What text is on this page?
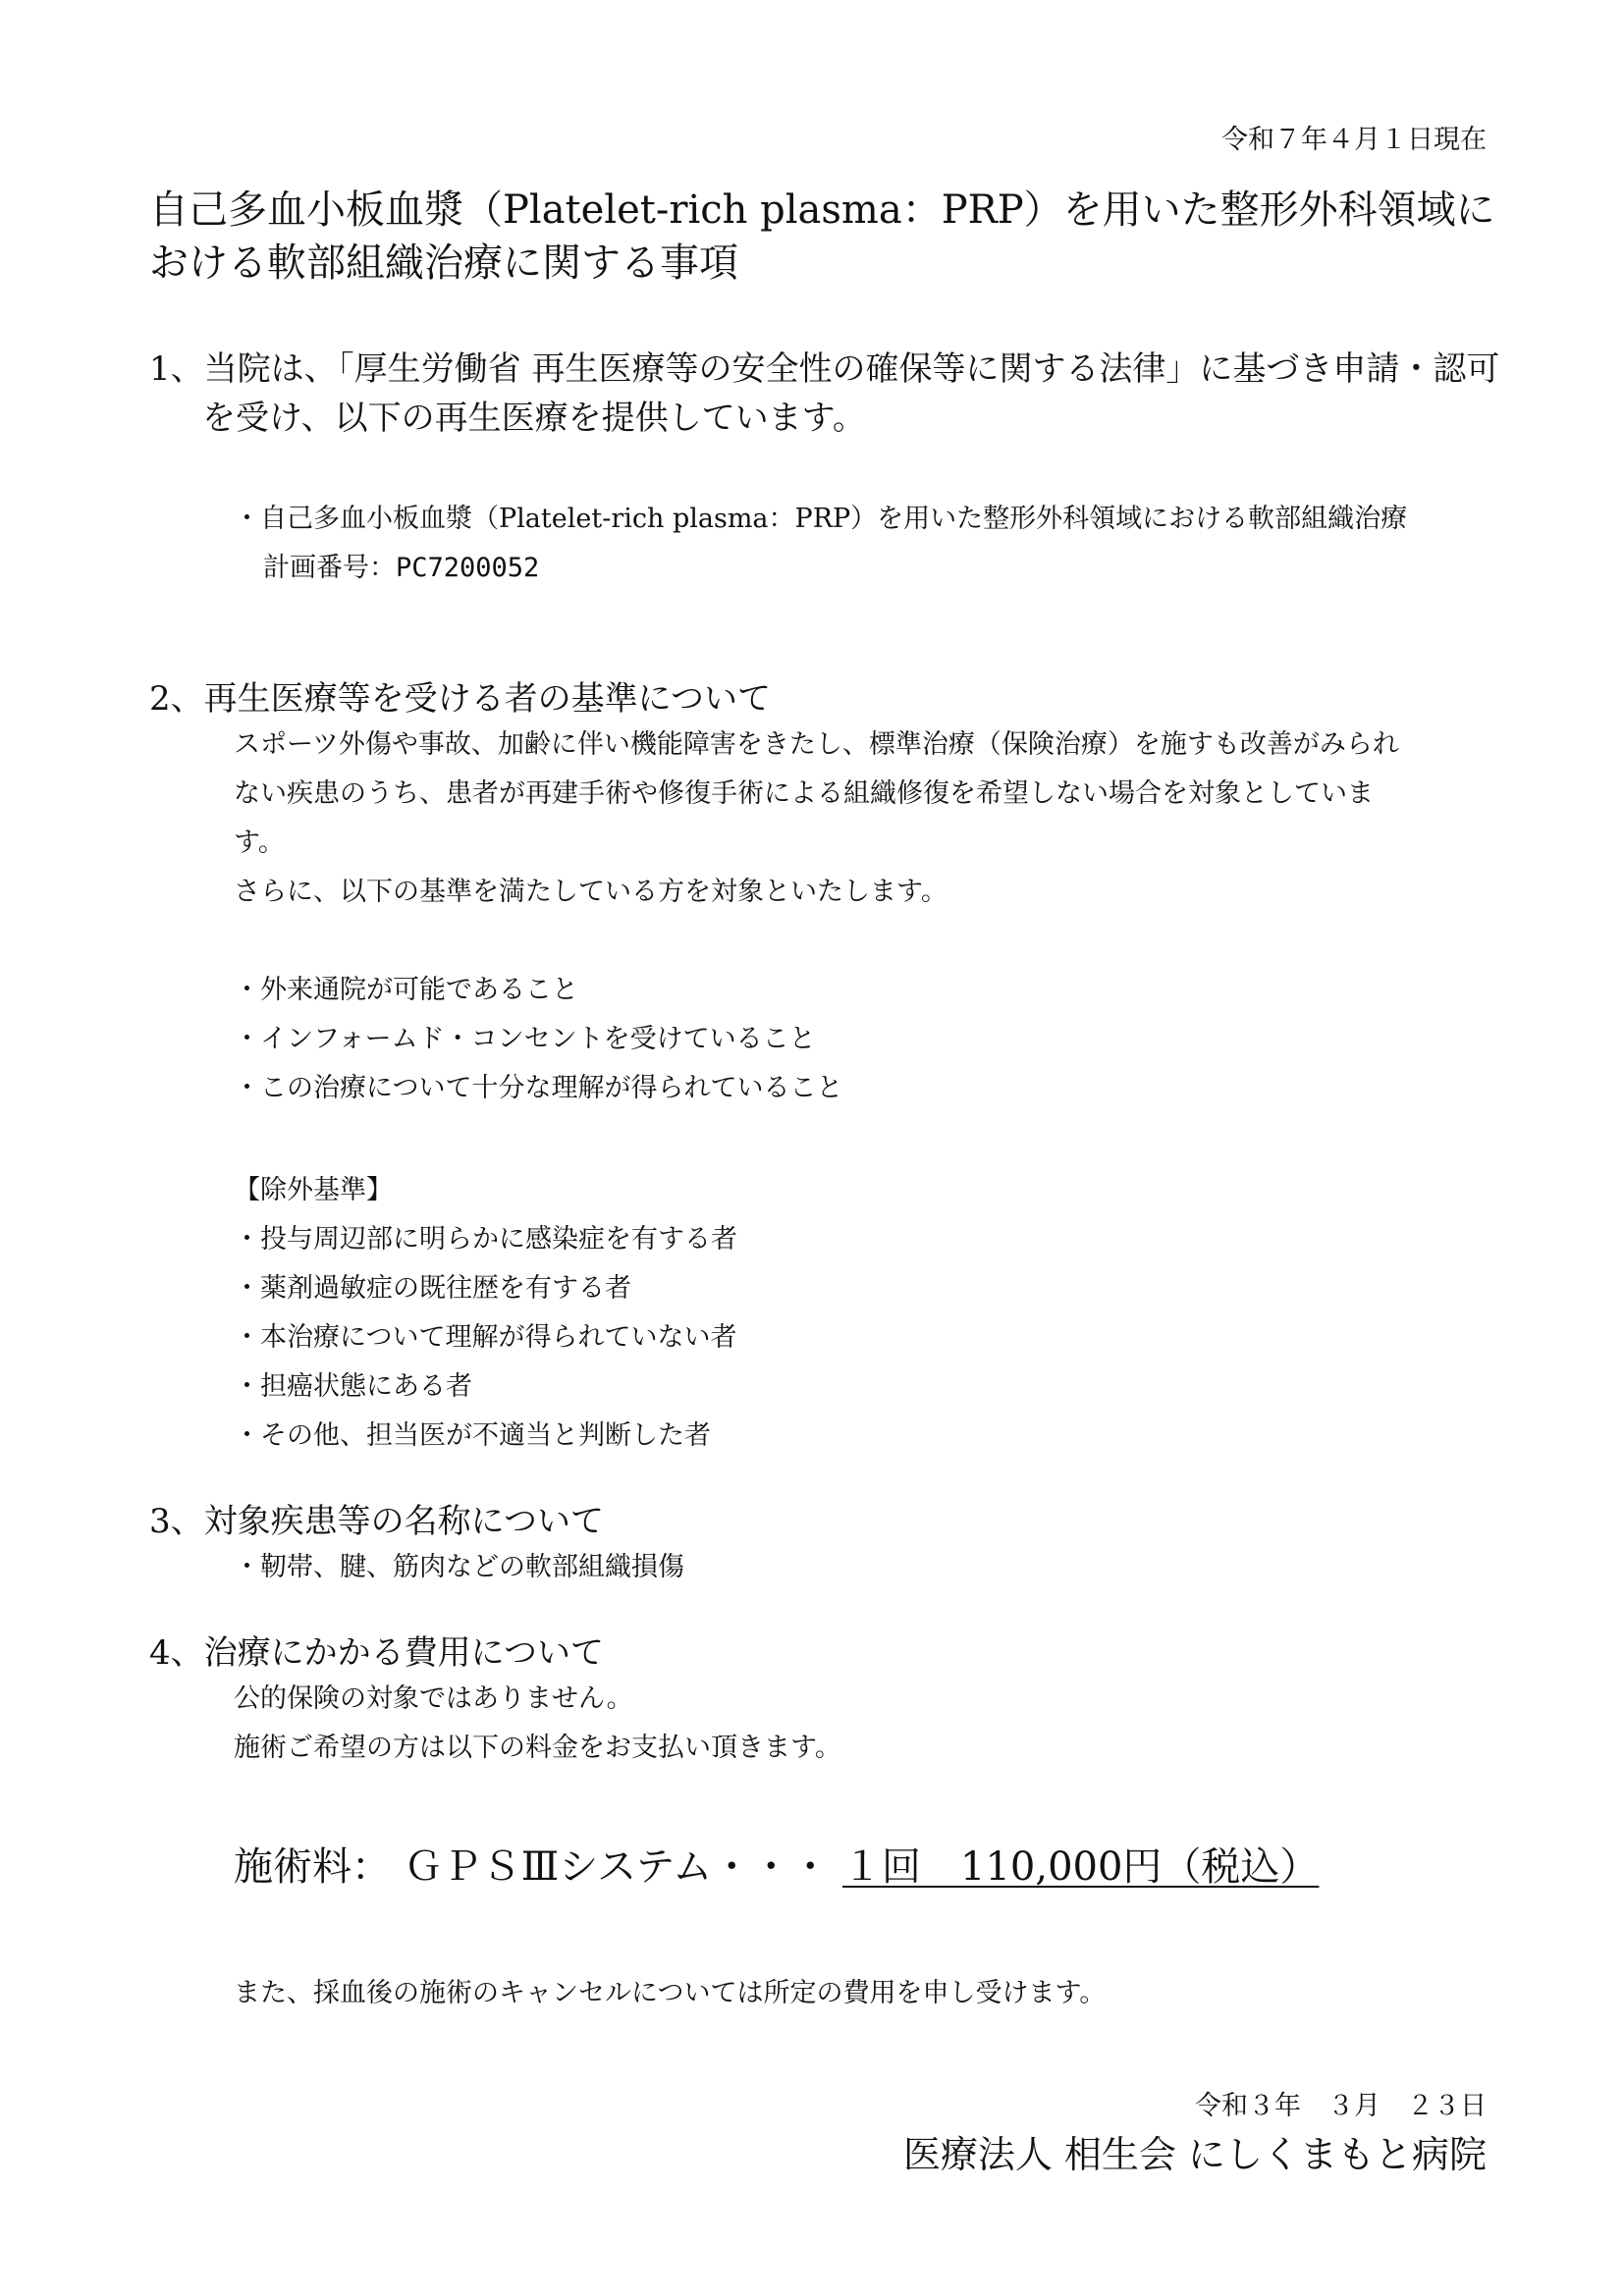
令和７年４月１日現在
自己多血小板血漿（Platelet-rich plasma：PRP）を用いた整形外科領域に
おける軟部組織治療に関する事項
1、当院は、「厚生労働省 再生医療等の安全性の確保等に関する法律」に基づき申請・認可
を受け、以下の再生医療を提供しています。
・自己多血小板血漿（Platelet-rich plasma：PRP）を用いた整形外科領域における軟部組織治療
計画番号：PC7200052
2、再生医療等を受ける者の基準について
スポーツ外傷や事故、加齢に伴い機能障害をきたし、標準治療（保険治療）を施すも改善がみられ
ない疾患のうち、患者が再建手術や修復手術による組織修復を希望しない場合を対象としていま
す。
さらに、以下の基準を満たしている方を対象といたします。
・外来通院が可能であること
・インフォームド・コンセントを受けていること
・この治療について十分な理解が得られていること
【除外基準】
・投与周辺部に明らかに感染症を有する者
・薬剤過敏症の既往歴を有する者
・本治療について理解が得られていない者
・担癌状態にある者
・その他、担当医が不適当と判断した者
3、対象疾患等の名称について
・靭帯、腱、筋肉などの軟部組織損傷
4、治療にかかる費用について
公的保険の対象ではありません。
施術ご希望の方は以下の料金をお支払い頂きます。
施術料： ＧＰＳⅢシステム・・・ １回　110,000円（税込）
また、採血後の施術のキャンセルについては所定の費用を申し受けます。
令和３年　３月　２３日
医療法人 相生会 にしくまもと病院
